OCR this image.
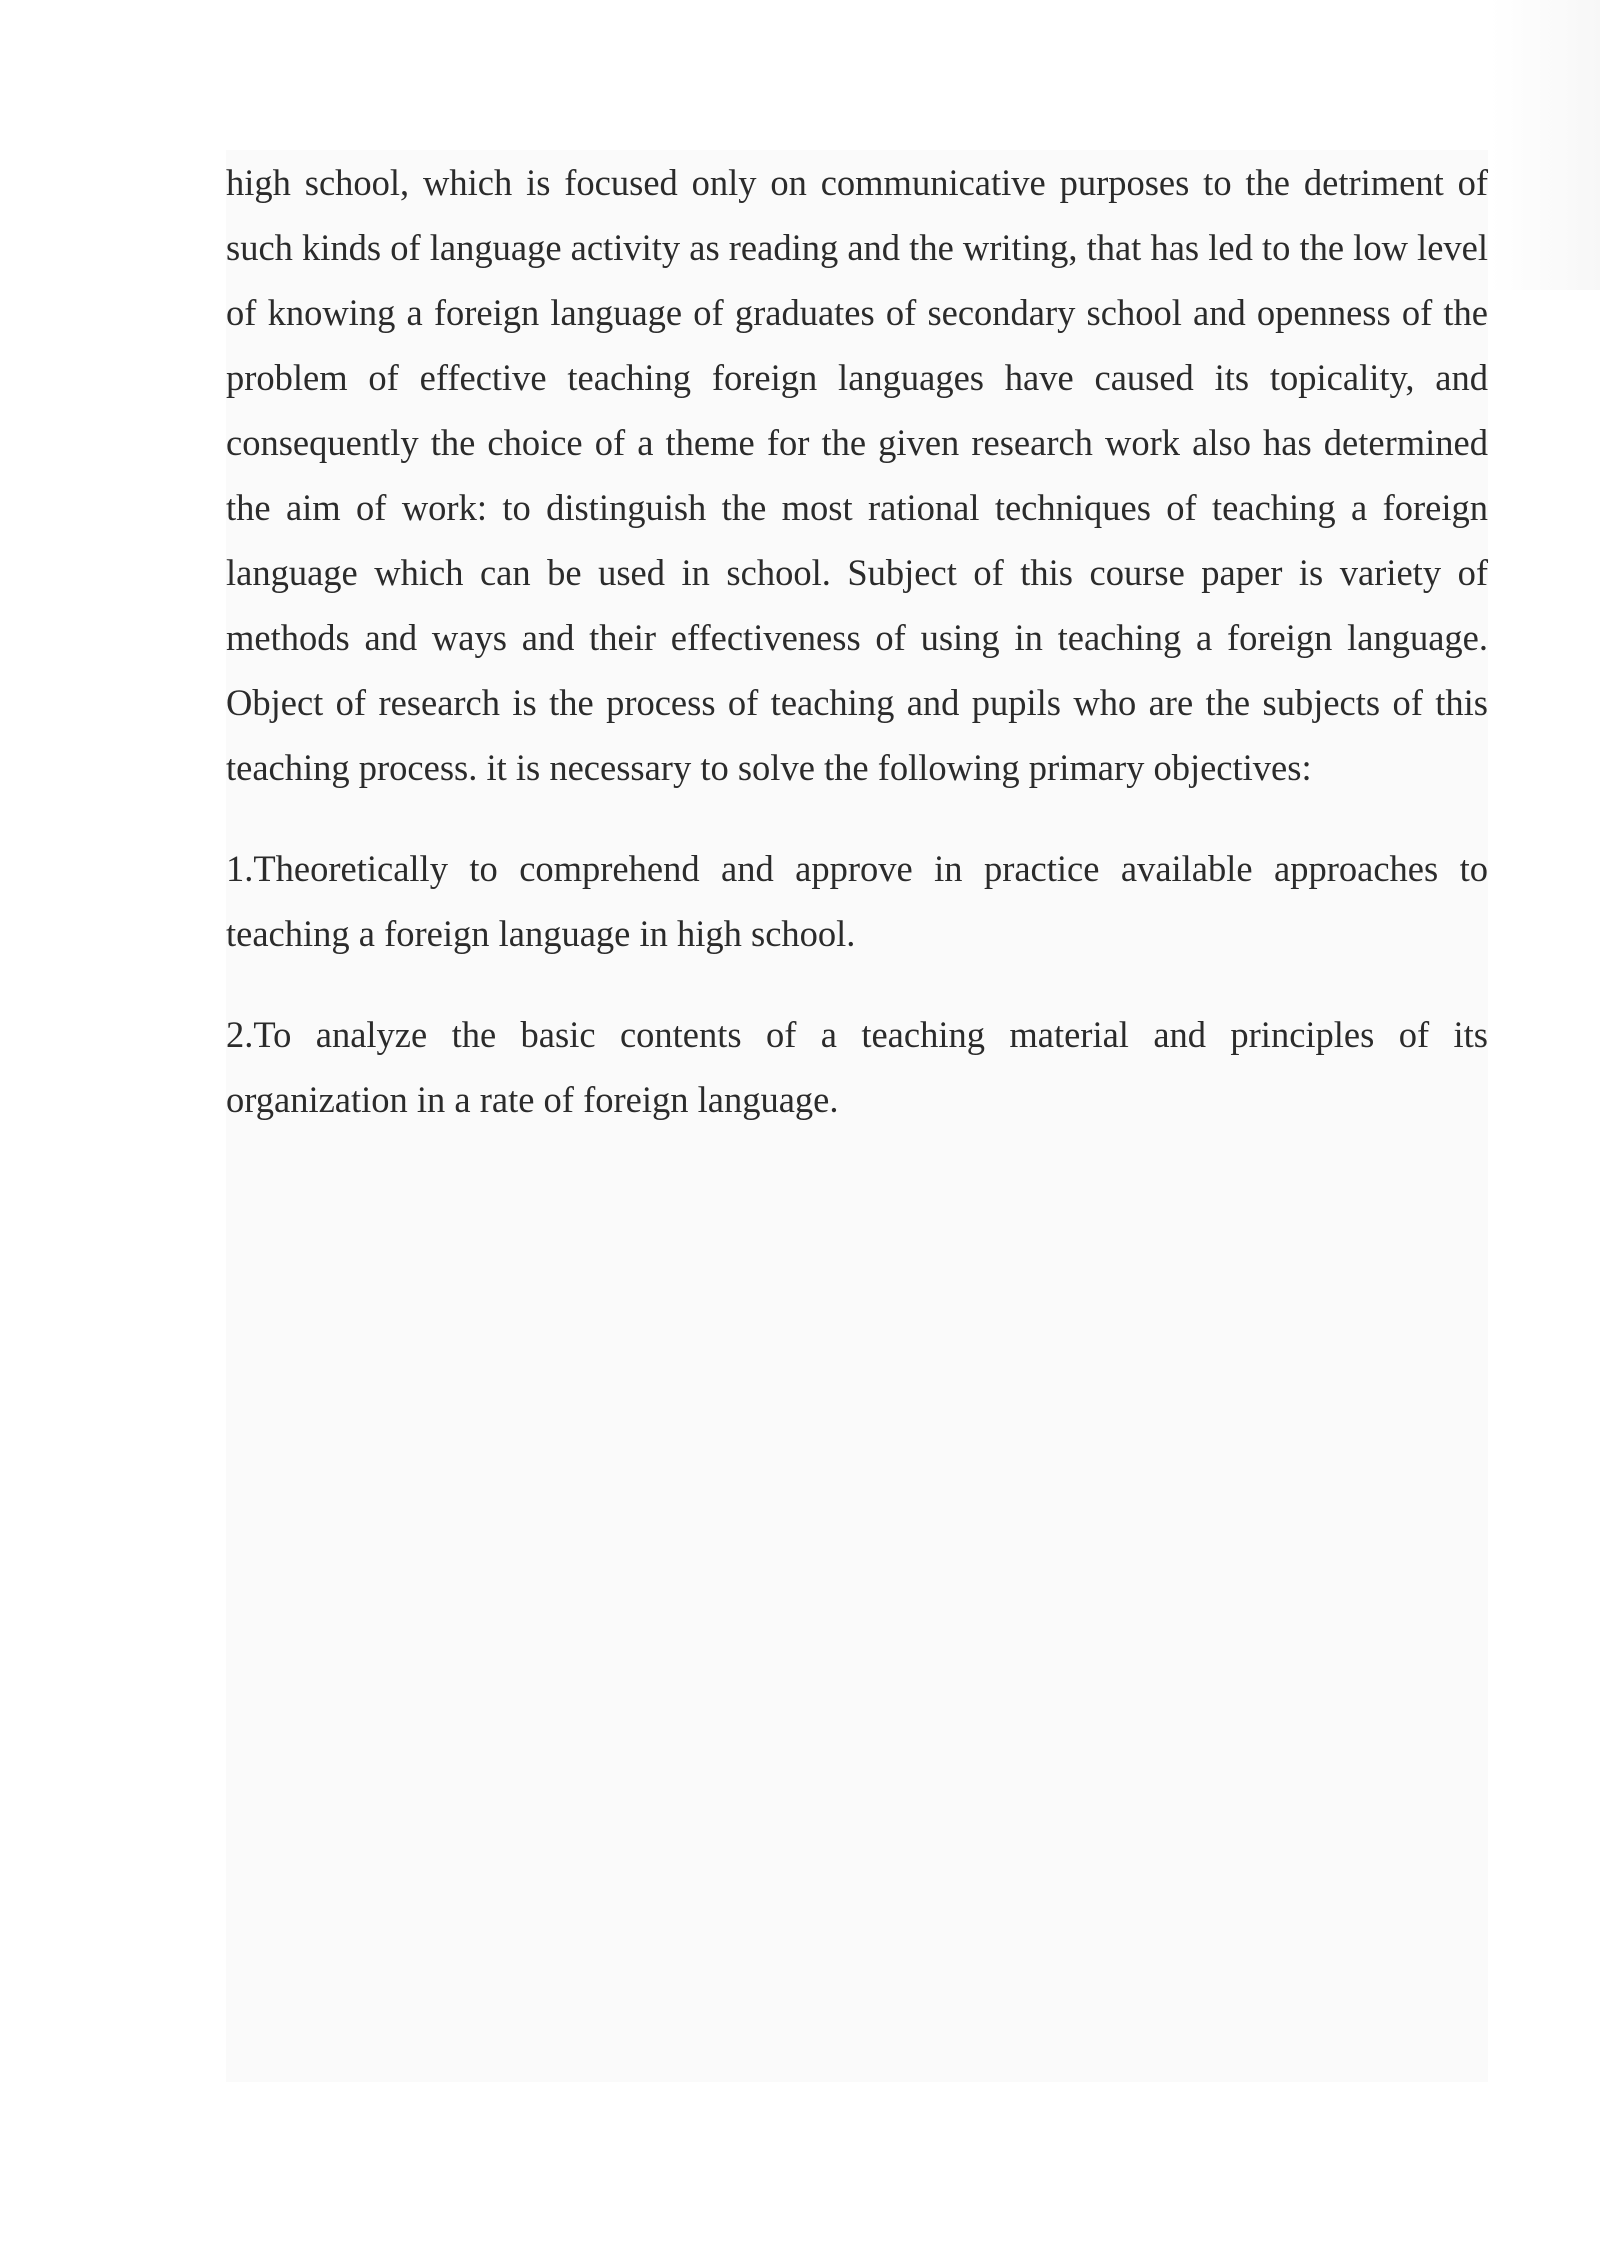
high school, which is focused only on communicative purposes to the detriment of such kinds of language activity as reading and the writing, that has led to the low level of knowing a foreign language of graduates of secondary school and openness of the problem of effective teaching foreign languages have caused its topicality, and consequently the choice of a theme for the given research work also has determined the aim of work: to distinguish the most rational techniques of teaching a foreign language which can be used in school. Subject of this course paper is variety of methods and ways and their effectiveness of using in teaching a foreign language. Object of research is the process of teaching and pupils who are the subjects of this teaching process. it is necessary to solve the following primary objectives:

1.Theoretically to comprehend and approve in practice available approaches to teaching a foreign language in high school.

2.To analyze the basic contents of a teaching material and principles of its organization in a rate of foreign language.
